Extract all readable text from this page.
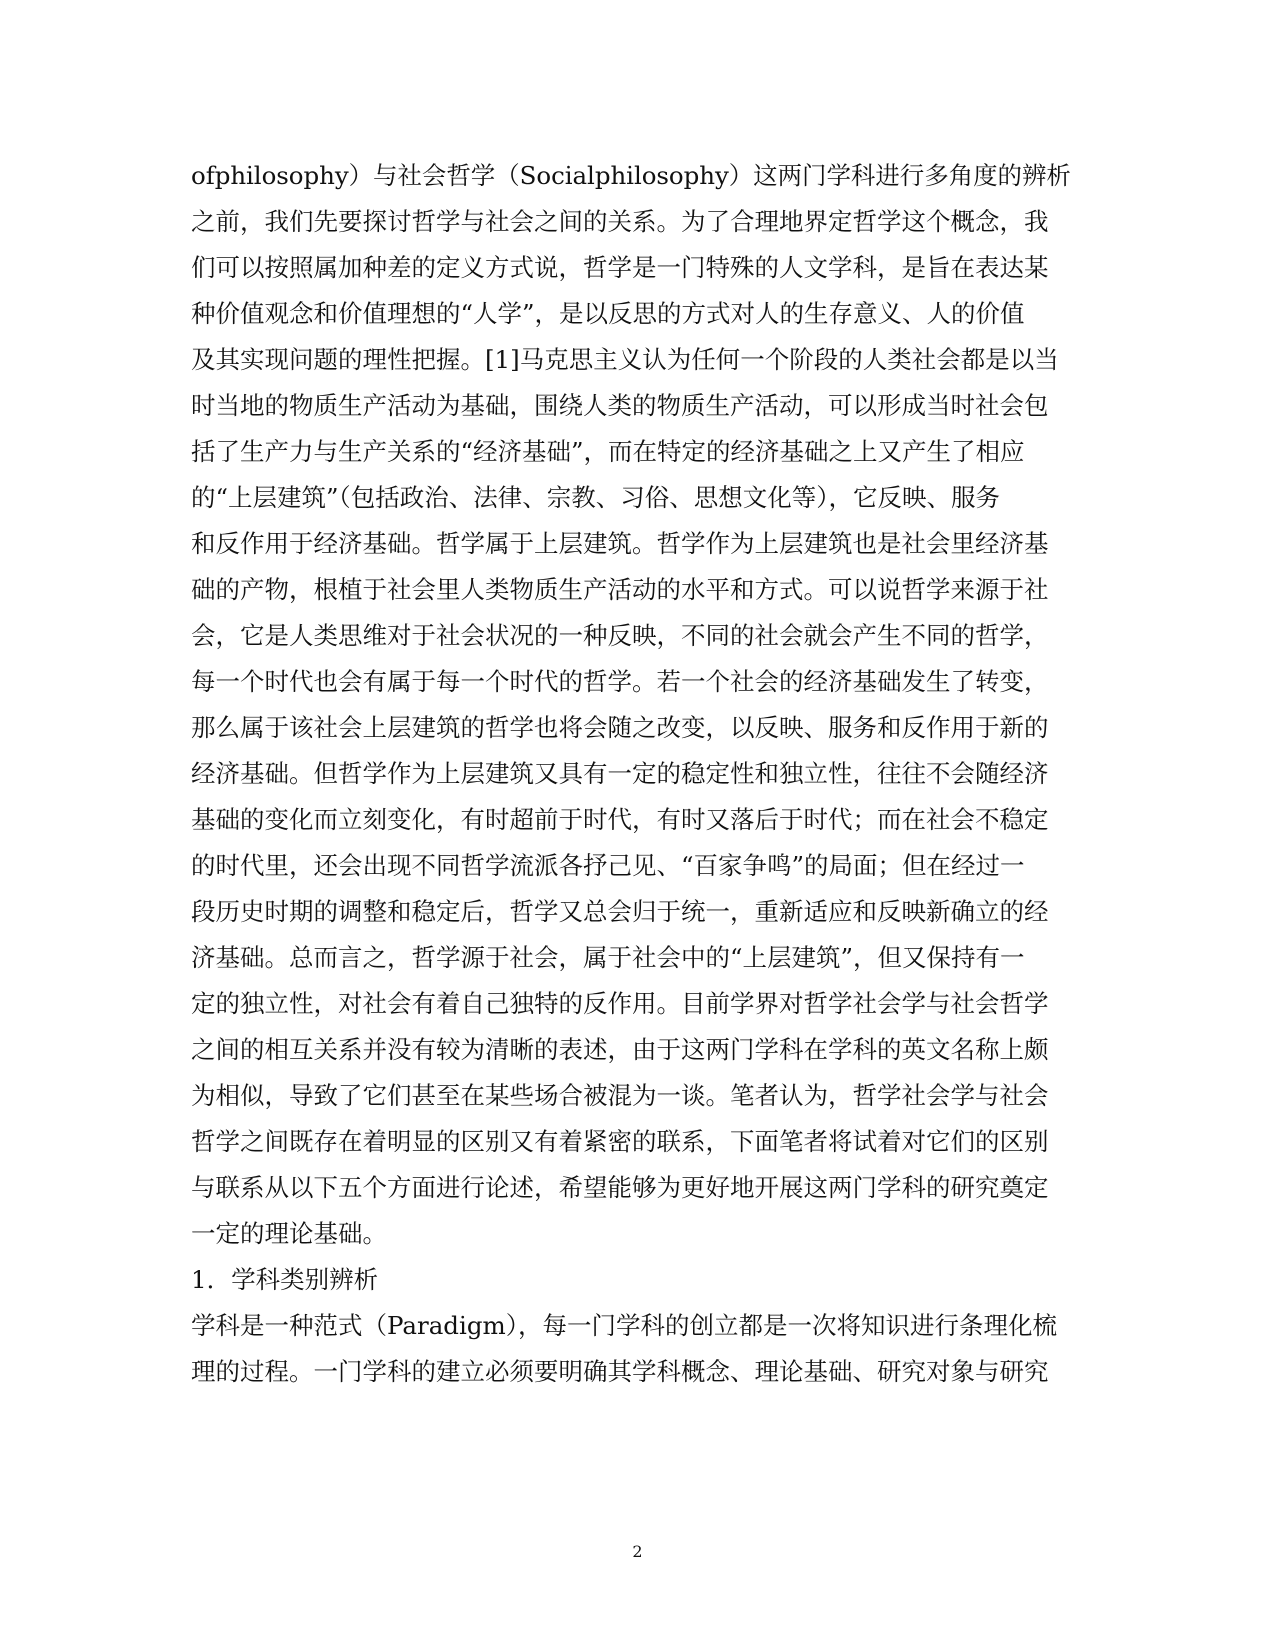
ofphilosophy）与社会哲学（Socialphilosophy）这两门学科进行多角度的辨析
之前，我们先要探讨哲学与社会之间的关系。为了合理地界定哲学这个概念，我
们可以按照属加种差的定义方式说，哲学是一门特殊的人文学科，是旨在表达某
种价值观念和价值理想的“人学”，是以反思的方式对人的生存意义、人的价值
及其实现问题的理性把握。[1]马克思主义认为任何一个阶段的人类社会都是以当
时当地的物质生产活动为基础，围绕人类的物质生产活动，可以形成当时社会包
括了生产力与生产关系的“经济基础”，而在特定的经济基础之上又产生了相应
的“上层建筑”（包括政治、法律、宗教、习俗、思想文化等），它反映、服务
和反作用于经济基础。哲学属于上层建筑。哲学作为上层建筑也是社会里经济基
础的产物，根植于社会里人类物质生产活动的水平和方式。可以说哲学来源于社
会，它是人类思维对于社会状况的一种反映，不同的社会就会产生不同的哲学，
每一个时代也会有属于每一个时代的哲学。若一个社会的经济基础发生了转变，
那么属于该社会上层建筑的哲学也将会随之改变，以反映、服务和反作用于新的
经济基础。但哲学作为上层建筑又具有一定的稳定性和独立性，往往不会随经济
基础的变化而立刻变化，有时超前于时代，有时又落后于时代；而在社会不稳定
的时代里，还会出现不同哲学流派各抒己见、“百家争鸣”的局面；但在经过一
段历史时期的调整和稳定后，哲学又总会归于统一，重新适应和反映新确立的经
济基础。总而言之，哲学源于社会，属于社会中的“上层建筑”，但又保持有一
定的独立性，对社会有着自己独特的反作用。目前学界对哲学社会学与社会哲学
之间的相互关系并没有较为清晰的表述，由于这两门学科在学科的英文名称上颇
为相似，导致了它们甚至在某些场合被混为一谈。笔者认为，哲学社会学与社会
哲学之间既存在着明显的区别又有着紧密的联系，下面笔者将试着对它们的区别
与联系从以下五个方面进行论述，希望能够为更好地开展这两门学科的研究奠定
一定的理论基础。
1．学科类别辨析
学科是一种范式（Paradigm），每一门学科的创立都是一次将知识进行条理化梳
理的过程。一门学科的建立必须要明确其学科概念、理论基础、研究对象与研究
2
